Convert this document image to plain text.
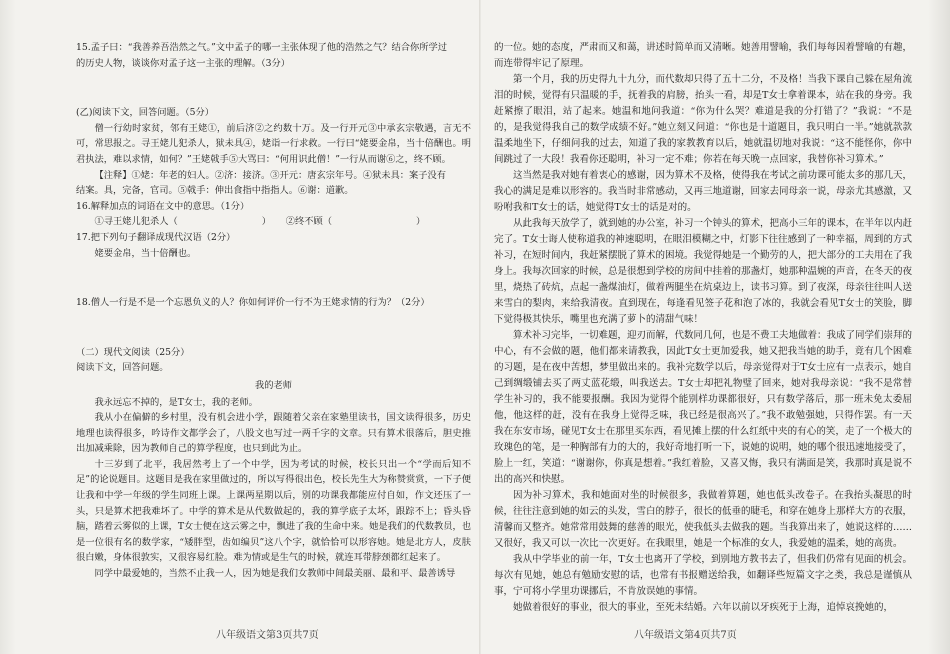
15.孟子曰：“我善养吾浩然之气。”文中孟子的哪一主张体现了他的浩然之气？结合你所学过

的历史人物，谈谈你对孟子这一主张的理解。（3分）

(乙)阅读下文，回答问题。（5分）

僧一行幼时家贫，邻有王姥①，前后济②之约数十万。及一行开元③中承玄宗敬遇，言无不可，常思报之。寻王姥儿犯杀人，狱未具④，姥诣一行求救。一行曰“姥要金帛，当十倍酬也。明君执法，难以求情，如何？”王姥戟手⑤大骂曰：“何用识此僧！”一行从而谢⑥之，终不顾。

【注释】①姥：年老的妇人。②济：接济。③开元：唐玄宗年号。④狱未具：案子没有

结案。具，完备，官司。⑤戟手：伸出食指中指指人。⑥谢：道歉。

16.解释加点的词语在文中的意思。（1分）

①寻王姥儿犯杀人（	） ②终不顾（	）

17.把下列句子翻译成现代汉语（2分）

姥要金帛，当十倍酬也。

18.僧人一行是不是一个忘恩负义的人？你如何评价一行不为王姥求情的行为？（2分）

（二）现代文阅读（25分）

阅读下文，回答问题。

我的老师

我永远忘不掉的，是T女士，我的老师。

我从小在偏僻的乡村里，没有机会进小学，跟随着父亲在家塾里读书，国文读得很多，历史地理也读得很多，吟诗作文都学会了，八股文也写过一两千字的文章。只有算术很落后，胆史推出加减乘除，因为教师自己的算学程度，也只到此为止。

十三岁到了北平，我居然考上了一个中学，因为考试的时候，校长只出一个“学而后知不足”的论说题目。这题目是我在家里做过的，所以写得很出色，校长先生大为称赞赏赏，一下子便让我和中学一年级的学生同班上课。上课两星期以后，别的功课我都能应付自如，作文还压了一头，只是算术把我难坏了。中学的算术是从代数做起的，我的算学底子太坏，跟踪不上；昏头昏脑，踏着云雾似的上课，T女士便在这云雾之中，飘进了我的生命中来。她是我们的代数教员，也是一位很有名的数学家，“矮胖型，齿如编贝”这八个字，就恰恰可以形容她。她是北方人，皮肤很白嫩，身体很敦实，又很容易红脸。难为情或是生气的时候，就连耳带脖颈都红起来了。

同学中最爱她的，当然不止我一人，因为她是我们女教师中间最美丽、最和平、最善诱导

的一位。她的态度，严肃而又和蔼，讲述时简单而又清晰。她善用譬喻，我们每每因着譬喻的有趣，而连带得牢记了原理。

第一个月，我的历史得九十九分，而代数却只得了五十二分，不及格！当我下课自己躲在屋角流泪的时候，觉得有只温暖的手，抚着我的肩膀，抬头一看，却是T女士拿着课本，站在我的身旁。我赶紧擦了眼泪，站了起来。她温和地问我道：“你为什么哭？难道是我的分打错了？”我说：“不是的，是我觉得我自己的数学成绩不好。”她立刻又问道：“你也是十道题目，我只明白一半。”她就款款温柔地坐下，仔细问我的过去，知道了我的家教教育以后，她就温切地对我说：“这不能怪你，你中间跳过了一大段！我看你还聪明，补习一定不难；你若在每天晚一点回家，我替你补习算术。”

这当然是我对她有着衷心的感谢，因为算术不及格，使得我在考试之前功课可能太多的那几天，我心的满足是难以形容的。我当时非常感动，又再三地道谢，回家去同母亲一说，母亲尤其感激，又吩咐我和T女士的话，她觉得T女士的话是对的。

从此我每天放学了，就到她的办公室，补习一个钟头的算术，把高小三年的课本，在半年以内赶完了。T女士诲人使称道我的神速聪明，在眼泪模糊之中，灯影下往往感到了一种幸福，周到的方式补习，在短时间内，我赶紧摆脱了算术的困境。我觉得她是一个勤劳的人，把大部分的工夫用在了我身上。我每次回家的时候，总是很想到学校的房间中挂着的那盏灯，她那种温婉的声音，在冬天的夜里，烧热了砖炕，点起一盏煤油灯，做着两腿坐在炕桌边上，读书习算。到了夜深，母亲往往叫人送来雪白的梨肉，来给我清夜。直到现在，每逢看见签子花和泡了冰的，我就会看见T女士的笑脸，脚下觉得极其快乐，嘴里也充满了萝卜的清甜气味！

算术补习完毕，一切难题，迎刃而解，代数同几何，也是不费工夫地做着：我成了同学们崇拜的中心，有不会做的题，他们都来请教我，因此T女士更加爱我，她又把我当她的助手，竟有几个困难的习题，是在夜中苦想，梦里做出来的。我补完数学以后，母亲觉得对于T女士应有一点表示，她自己到绸缎铺去买了两丈蓝花缎，叫我送去。T女士却把礼物璧了回来，她对我母亲说：“我不是常替学生补习的，我不能要报酬。我因为觉得个能别样功课都很好，只有数学落后，那一班未免太委屈他，他这样的赶，没有在我身上觉得乏味，我已经是很高兴了。”我不敢勉强她，只得作罢。有一天我在东安市场，碰见T女士在那里买东西，看见摊上摆的什么红纸中夹的有心的笑，走了一个极大的玫瑰色的笔，是一种胸部有力的大的，我好奇地打听一下，说她的说明，她的哪个很迅速地接受了，脸上一红，笑道：“谢谢你，你真是想着。”我红着脸，又喜又悔，我只有满面是笑，我那时真是说不出的高兴和快慰。

因为补习算术，我和她面对坐的时候很多，我做着算题，她也低头改卷子。在我抬头凝思的时候，往往注意到她的如云的头发，雪白的脖子，很长的低垂的睫毛，和穿在她身上那样大方的衣服，清馨而又整齐。她常常用鼓舞的慈善的眼光，使我低头去做我的题。当我算出来了，她说这样的……又很好，我又可以一次比一次更好。在我眼里，她是一个标准的女人，我爱她的温柔，她的高贵。

我从中学毕业的前一年，T女士也离开了学校，到别地方教书去了，但我们仍常有见面的机会。每次有见她，她总有勉励安慰的话，也常有书报赠送给我，如翻译些短篇文字之类，我总是谨慎从事，宁可将小学里功课挪后，不肯放误她的事情。

她做着很好的事业，很大的事业，至死未结婚。六年以前以牙疾死于上海，追悼哀挽她的，

八年级语文第3页共7页	八年级语文第4页共7页
